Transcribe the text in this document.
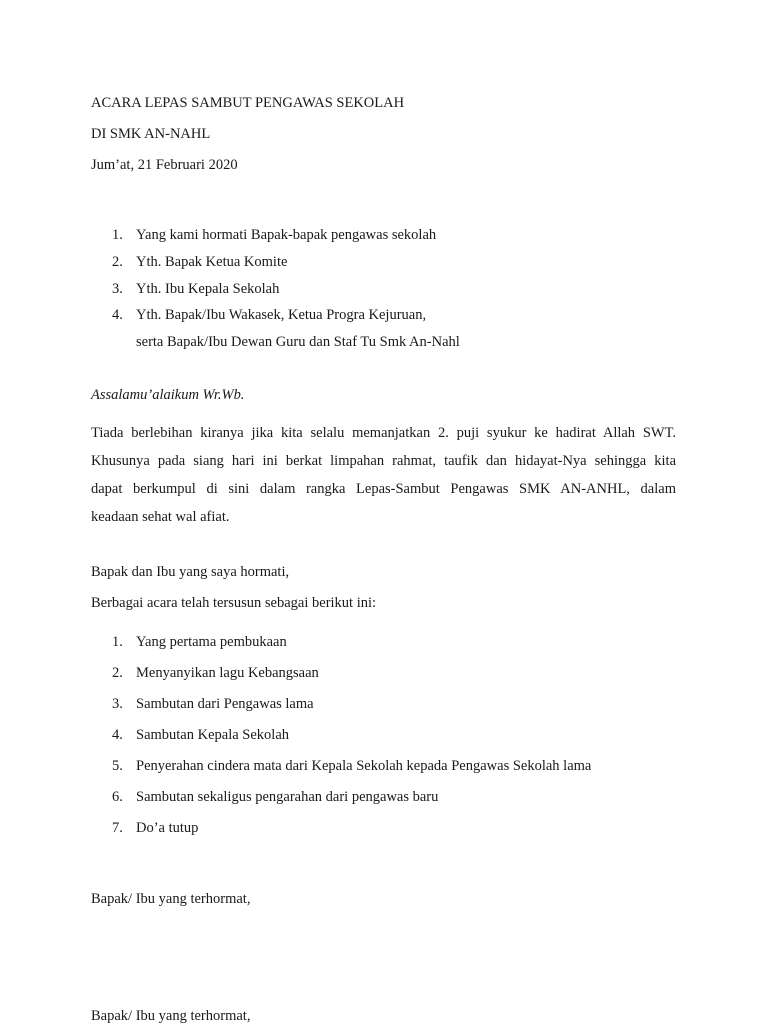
ACARA LEPAS SAMBUT PENGAWAS SEKOLAH
DI SMK AN-NAHL
Jum’at, 21 Februari 2020
1. Yang kami hormati Bapak-bapak pengawas sekolah
2. Yth. Bapak Ketua Komite
3. Yth. Ibu Kepala Sekolah
4. Yth. Bapak/Ibu Wakasek, Ketua Progra Kejuruan,
serta Bapak/Ibu Dewan Guru dan Staf Tu Smk An-Nahl
Assalamu’alaikum Wr.Wb.
Tiada berlebihan kiranya jika kita selalu memanjatkan 2. puji syukur ke hadirat Allah SWT.
Khusunya pada siang hari ini berkat limpahan rahmat, taufik dan hidayat-Nya sehingga kita
dapat berkumpul di sini dalam rangka Lepas-Sambut Pengawas SMK AN-ANHL, dalam
keadaan sehat wal afiat.
Bapak dan Ibu yang saya hormati,
Berbagai acara telah tersusun sebagai berikut ini:
1. Yang pertama pembukaan
2. Menyanyikan lagu Kebangsaan
3. Sambutan dari Pengawas lama
4. Sambutan Kepala Sekolah
5. Penyerahan cindera mata dari Kepala Sekolah kepada Pengawas Sekolah lama
6. Sambutan sekaligus pengarahan dari pengawas baru
7. Do’a tutup
Bapak/ Ibu yang terhormat,
Bapak/ Ibu yang terhormat,
